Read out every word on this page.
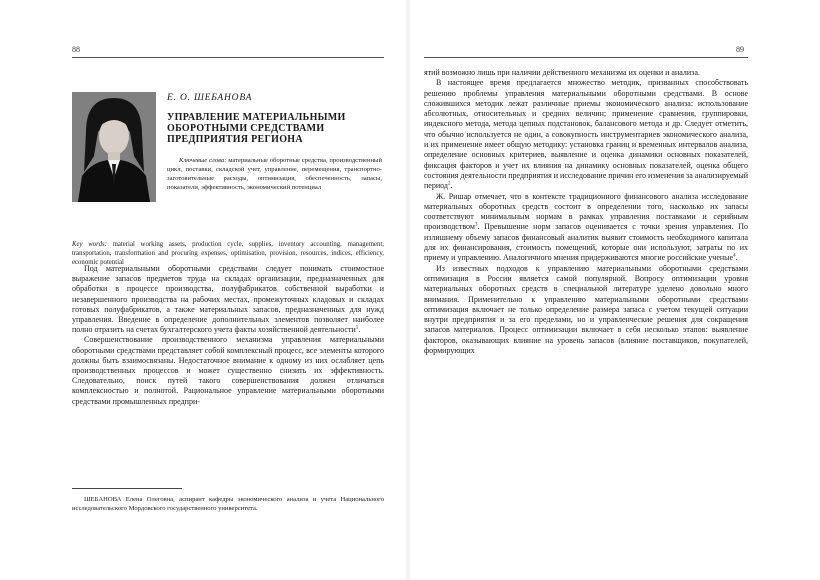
88
Е. О. ШЕБАНОВА
УПРАВЛЕНИЕ МАТЕРИАЛЬНЫМИ ОБОРОТНЫМИ СРЕДСТВАМИ ПРЕДПРИЯТИЯ РЕГИОНА
Ключевые слова: материальные оборотные средства, производственный цикл, поставки, складской учет, управление, перемещения, транспортно-заготовительные расходы, оптимизация, обеспеченность, запасы, показатели, эффективность, экономический потенциал
Key words: material working assets, production cycle, supplies, inventory accounting, management, transportation, transformation and procuring expenses, optimisation, provision, resources, indices, efficiency, economic potential

Под материальными оборотными средствами следует понимать стоимостное выражение запасов предметов труда на складах организации, предназначенных для обработки в процессе производства, полуфабрикатов собственной выработки и незавершенного производства на рабочих местах, промежуточных кладовых и складах готовых полуфабрикатов, а также материальных запасов, предназначенных для нужд управления. Введение в определение дополнительных элементов позволяет наиболее полно отразить на счетах бухгалтерского учета факты хозяйственной деятельности$^1$.

Совершенствование производственного механизма управления материальными оборотными средствами представляет собой комплексный процесс, все элементы которого должны быть взаимосвязаны. Недостаточное внимание к одному из них ослабляет цепь производственных процессов и может существенно снизить их эффективность. Следовательно, поиск путей такого совершенствования должен отличаться комплексностью и полнотой. Рациональное управление материальными оборотными средствами промышленных предпри-

ШЕБАНОВА Елена Олеговна, аспирант кафедры экономического анализа и учета Национального исследовательского Мордовского государственного университета.
89

ятий возможно лишь при наличии действенного механизма их оценки и анализа.

В настоящее время предлагается множество методик, призванных способствовать решению проблемы управления материальными оборотными средствами. В основе сложившихся методик лежат различные приемы экономического анализа: использование абсолютных, относительных и средних величин; применение сравнения, группировки, индексного метода, метода цепных подстановок, балансового метода и др. Следует отметить, что обычно используется не один, а совокупность инструментариев экономического анализа, и их применение имеет общую методику: установка границ и временных интервалов анализа, определение основных критериев, выявление и оценка динамики основных показателей, фиксация факторов и учет их влияния на динамику основных показателей, оценка общего состояния деятельности предприятия и исследование причин его изменения за анализируемый период$^2$.

Ж. Ришар отмечает, что в контексте традиционного финансового анализа исследование материальных оборотных средств состоит в определении того, насколько их запасы соответствуют минимальным нормам в рамках управления поставками и серийным производством$^3$. Превышение норм запасов оценивается с точки зрения управления. По излишнему объему запасов финансовый аналитик выявит стоимость необходимого капитала для их финансирования, стоимость помещений, которые они используют, затраты по их приему и управлению. Аналогичного мнения придерживаются многие российские ученые$^4$.

Из известных подходов к управлению материальными оборотными средствами оптимизация в России является самой популярной. Вопросу оптимизации уровня материальных оборотных средств в специальной литературе уделено довольно много внимания. Применительно к управлению материальными оборотными средствами оптимизация включает не только определение размера запаса с учетом текущей ситуации внутри предприятия и за его пределами, но и управленческие решения для сокращения запасов материалов. Процесс оптимизации включает в себя несколько этапов: выявление факторов, оказывающих влияние на уровень запасов (влияние поставщиков, покупателей, формирующих
